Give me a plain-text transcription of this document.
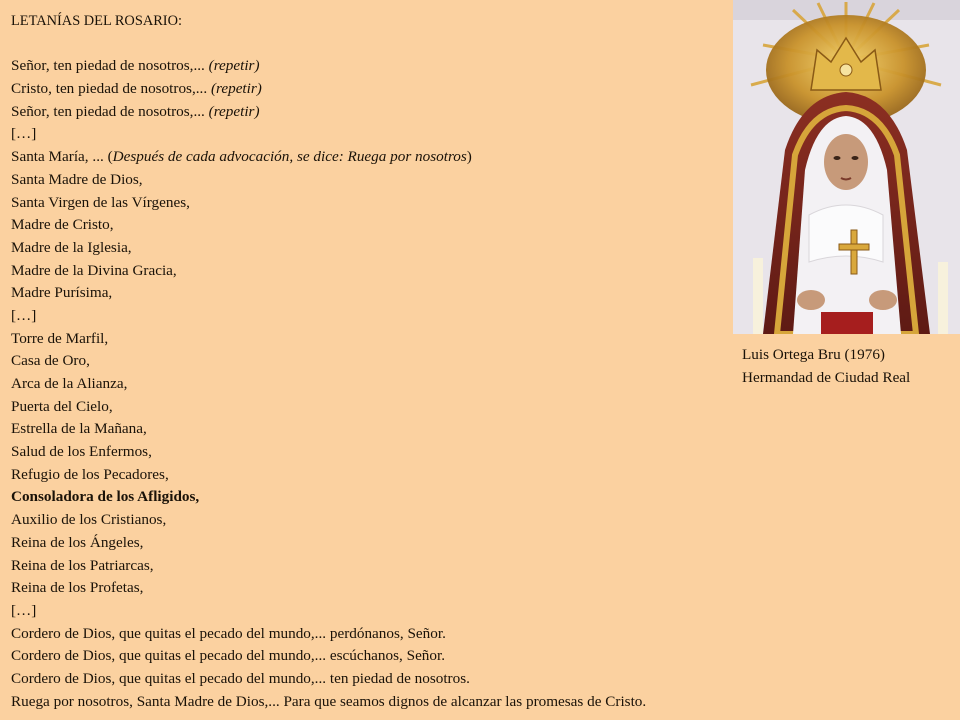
LETANÍAS DEL ROSARIO:
Señor, ten piedad de nosotros,... (repetir)
Cristo, ten piedad de nosotros,... (repetir)
Señor, ten piedad de nosotros,... (repetir)
[…]
Santa María, ... (Después de cada advocación, se dice: Ruega por nosotros)
Santa Madre de Dios,
Santa Virgen de las Vírgenes,
Madre de Cristo,
Madre de la Iglesia,
Madre de la Divina Gracia,
Madre Purísima,
[…]
Torre de Marfil,
Casa de Oro,
Arca de la Alianza,
Puerta del Cielo,
Estrella de la Mañana,
Salud de los Enfermos,
Refugio de los Pecadores,
Consoladora de los Afligidos,
Auxilio de los Cristianos,
Reina de los Ángeles,
Reina de los Patriarcas,
Reina de los Profetas,
[…]
Cordero de Dios, que quitas el pecado del mundo,... perdónanos, Señor.
Cordero de Dios, que quitas el pecado del mundo,... escúchanos, Señor.
Cordero de Dios, que quitas el pecado del mundo,... ten piedad de nosotros.
Ruega por nosotros, Santa Madre de Dios,... Para que seamos dignos de alcanzar las promesas de Cristo.
Luis Ortega Bru (1976)
Hermandad de Ciudad Real
